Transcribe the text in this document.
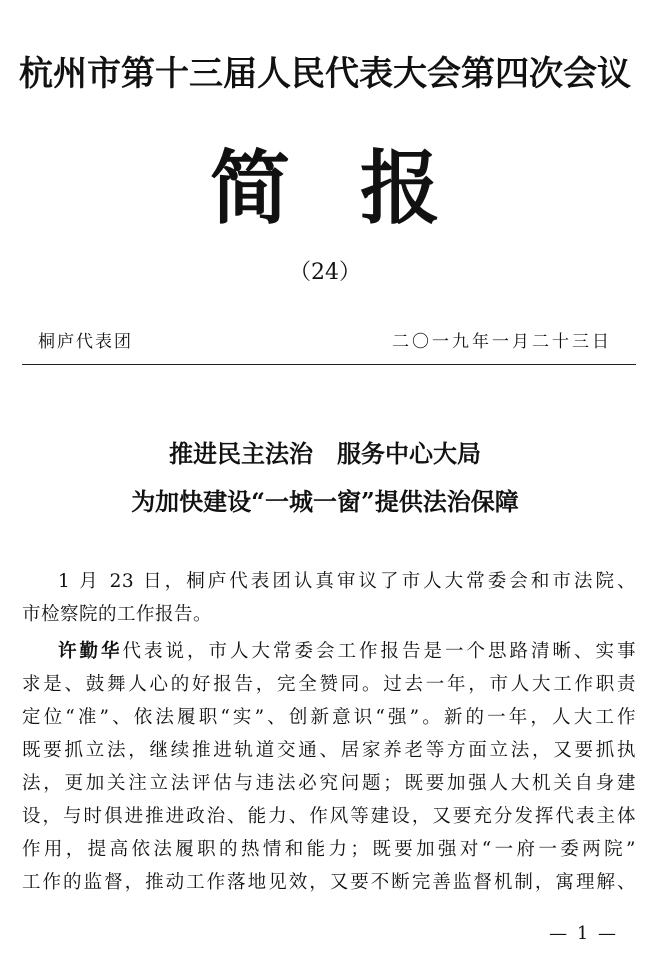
杭州市第十三届人民代表大会第四次会议
简报
（24）
桐庐代表团	二〇一九年一月二十三日
推进民主法治　服务中心大局
为加快建设“一城一窗”提供法治保障
1 月 23 日，桐庐代表团认真审议了市人大常委会和市法院、
市检察院的工作报告。
许勤华代表说，市人大常委会工作报告是一个思路清晰、实事
求是、鼓舞人心的好报告，完全赞同。过去一年，市人大工作职责
定位“准”、依法履职“实”、创新意识“强”。新的一年，人大工作
既要抓立法，继续推进轨道交通、居家养老等方面立法，又要抓执
法，更加关注立法评估与违法必究问题；既要加强人大机关自身建
设，与时俱进推进政治、能力、作风等建设，又要充分发挥代表主体
作用，提高依法履职的热情和能力；既要加强对“一府一委两院”
工作的监督，推动工作落地见效，又要不断完善监督机制，寓理解、
— 1 —
